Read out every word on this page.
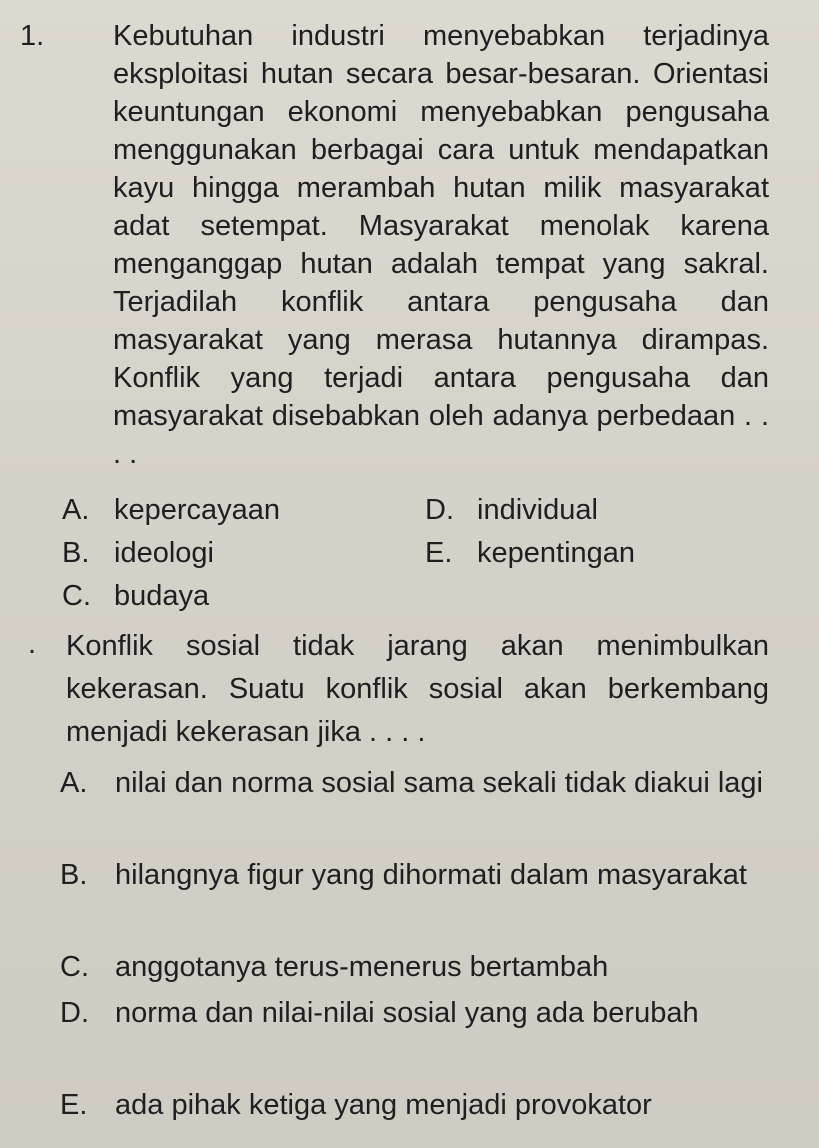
1. Kebutuhan industri menyebabkan terjadinya eksploitasi hutan secara besar-besaran. Orientasi keuntungan ekonomi menyebabkan pengusaha menggunakan berbagai cara untuk mendapatkan kayu hingga merambah hutan milik masyarakat adat setempat. Masyarakat menolak karena menganggap hutan adalah tempat yang sakral. Terjadilah konflik antara pengusaha dan masyarakat yang merasa hutannya dirampas. Konflik yang terjadi antara pengusaha dan masyarakat disebabkan oleh adanya perbedaan . . . .
A. kepercayaan
B. ideologi
C. budaya
D. individual
E. kepentingan
. Konflik sosial tidak jarang akan menimbulkan kekerasan. Suatu konflik sosial akan berkembang menjadi kekerasan jika . . . .
A. nilai dan norma sosial sama sekali tidak diakui lagi
B. hilangnya figur yang dihormati dalam masyarakat
C. anggotanya terus-menerus bertambah
D. norma dan nilai-nilai sosial yang ada berubah
E. ada pihak ketiga yang menjadi provokator
